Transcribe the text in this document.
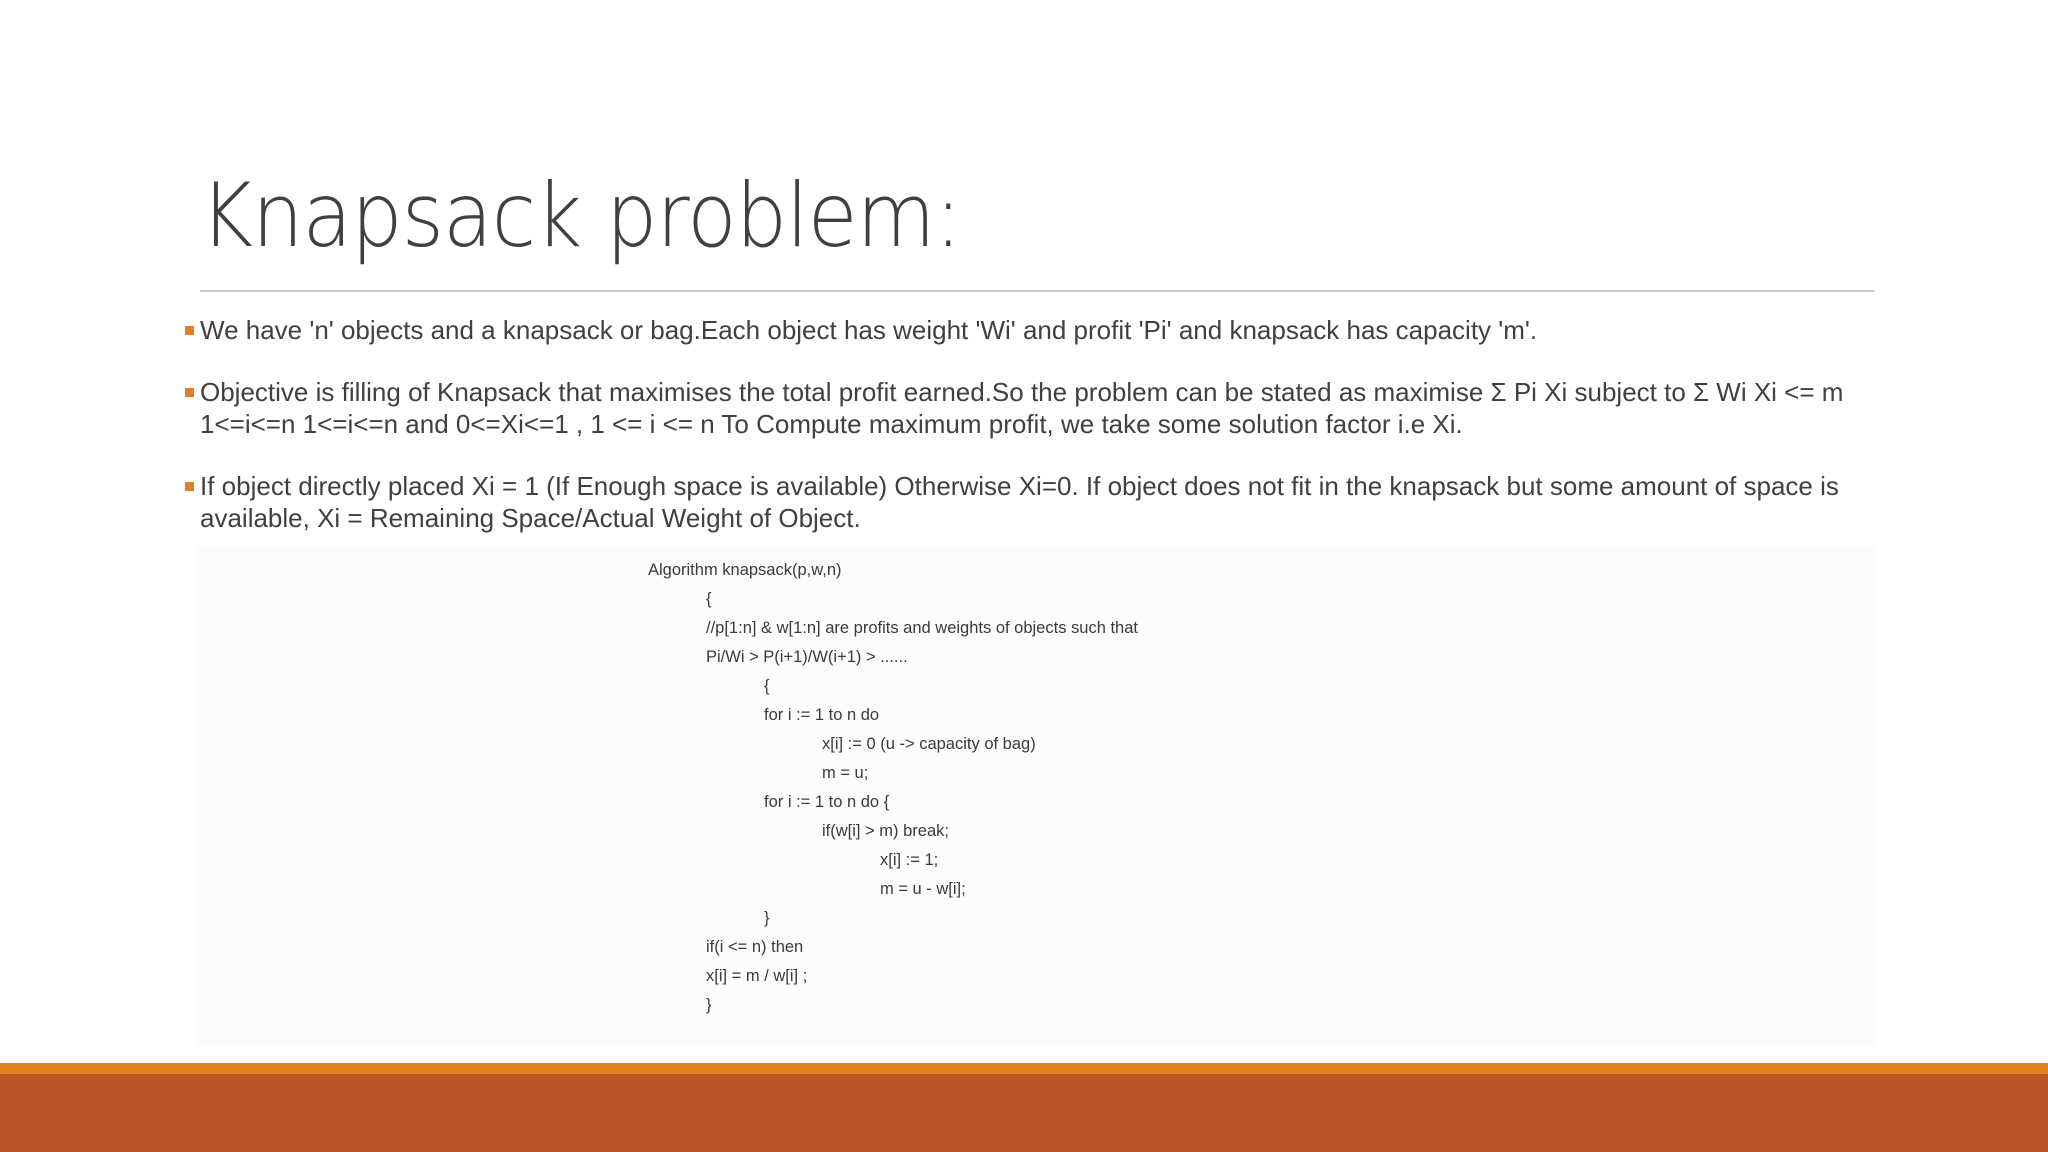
Knapsack problem:
We have 'n' objects and a knapsack or bag.Each object has weight 'Wi' and profit 'Pi' and knapsack has capacity 'm'.
Objective is filling of Knapsack that maximises the total profit earned.So the problem can be stated as maximise Σ Pi Xi subject to Σ Wi Xi <= m 1<=i<=n 1<=i<=n and 0<=Xi<=1 , 1 <= i <= n To Compute maximum profit, we take some solution factor i.e Xi.
If object directly placed Xi = 1 (If Enough space is available) Otherwise Xi=0. If object does not fit in the knapsack but some amount of space is available, Xi = Remaining Space/Actual Weight of Object.
Algorithm knapsack(p,w,n)
{
//p[1:n] & w[1:n] are profits and weights of objects such that
Pi/Wi > P(i+1)/W(i+1) > ......
{
for i := 1 to n do
x[i] := 0 (u -> capacity of bag)
m = u;
for i := 1 to n do {
if(w[i] > m) break;
x[i] := 1;
m = u - w[i];
}
if(i <= n) then
x[i] = m / w[i] ;
}
